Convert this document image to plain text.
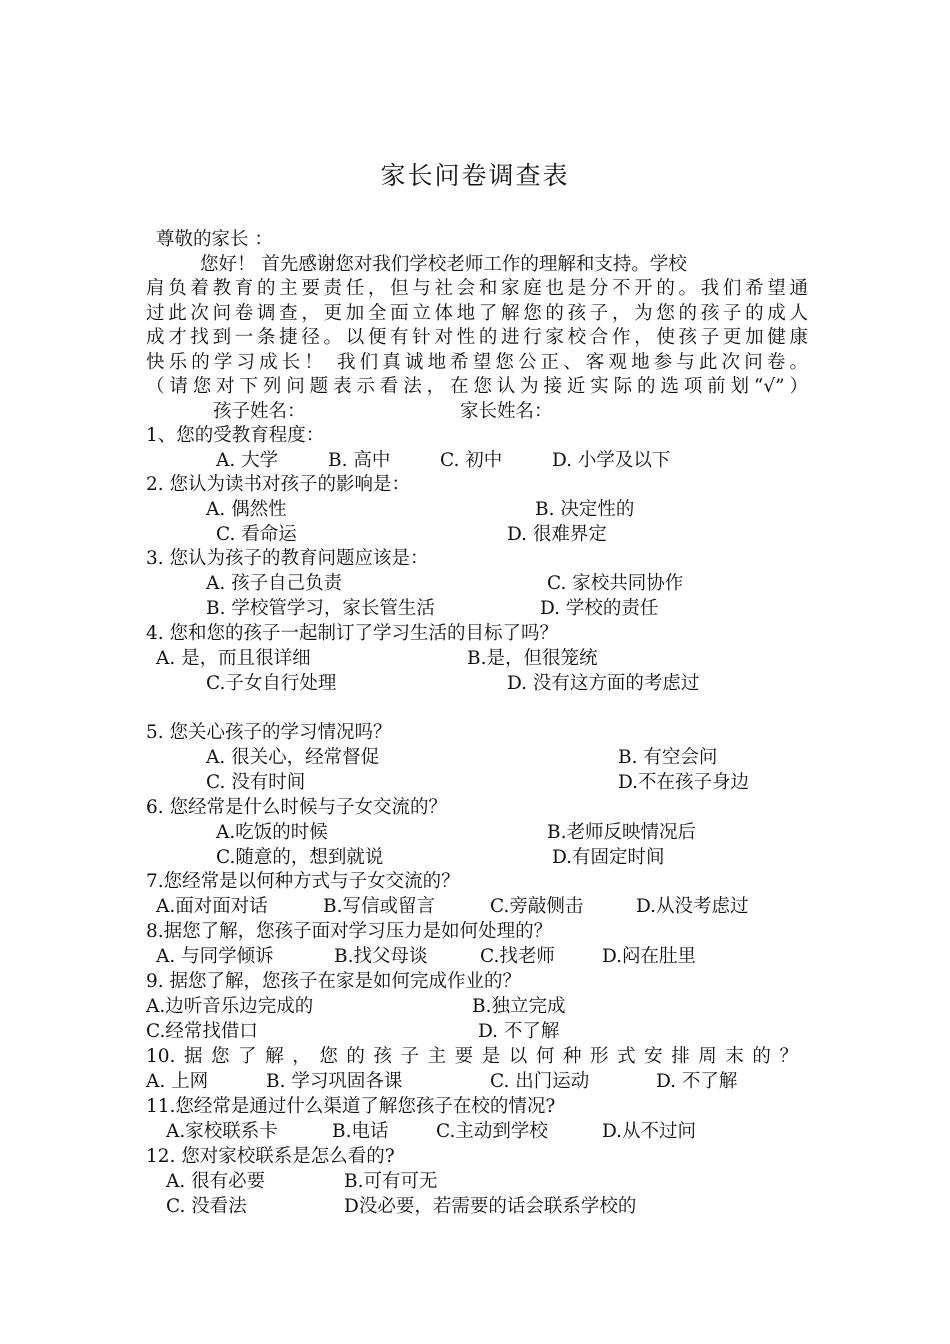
家长问卷调查表
尊敬的家长 ：
您好！ 首先感谢您对我们学校老师工作的理解和支持。学校
肩负着教育的主要责任，但与社会和家庭也是分不开的。我们希望通
过此次问卷调查，更加全面立体地了解您的孩子，为您的孩子的成人
成才找到一条捷径。以便有针对性的进行家校合作，使孩子更加健康
快乐的学习成长！ 我们真诚地希望您公正、客观地参与此次问卷。
（请您对下列问题表示看法，在您认为接近实际的选项前划“√”）
孩子姓名：	家长姓名：
1、您的受教育程度：
A. 大学	B. 高中	C. 初中	D. 小学及以下
2. 您认为读书对孩子的影响是：
A. 偶然性	B. 决定性的
C. 看命运	D. 很难界定
3. 您认为孩子的教育问题应该是：
A. 孩子自己负责	C. 家校共同协作
B. 学校管学习，家长管生活	D. 学校的责任
4. 您和您的孩子一起制订了学习生活的目标了吗？
A. 是，而且很详细	B.是，但很笼统
C.子女自行处理	D. 没有这方面的考虑过
5. 您关心孩子的学习情况吗？
A. 很关心，经常督促	B. 有空会问
C. 没有时间	D.不在孩子身边
6. 您经常是什么时候与子女交流的？
A.吃饭的时候	B.老师反映情况后
C.随意的，想到就说	D.有固定时间
7.您经常是以何种方式与子女交流的？
A.面对面对话	B.写信或留言	C.旁敲侧击	D.从没考虑过
8.据您了解，您孩子面对学习压力是如何处理的？
A. 与同学倾诉	B.找父母谈	C.找老师	D.闷在肚里
9. 据您了解，您孩子在家是如何完成作业的？
A.边听音乐边完成的	B.独立完成
C.经常找借口	D. 不了解
10.据您了解，您的孩子主要是以何种形式安排周末的？
A. 上网	B. 学习巩固各课	C. 出门运动	D. 不了解
11.您经常是通过什么渠道了解您孩子在校的情况?
A.家校联系卡	B.电话	C.主动到学校	D.从不过问
12. 您对家校联系是怎么看的?
A. 很有必要	B.可有可无
C. 没看法	D没必要，若需要的话会联系学校的
